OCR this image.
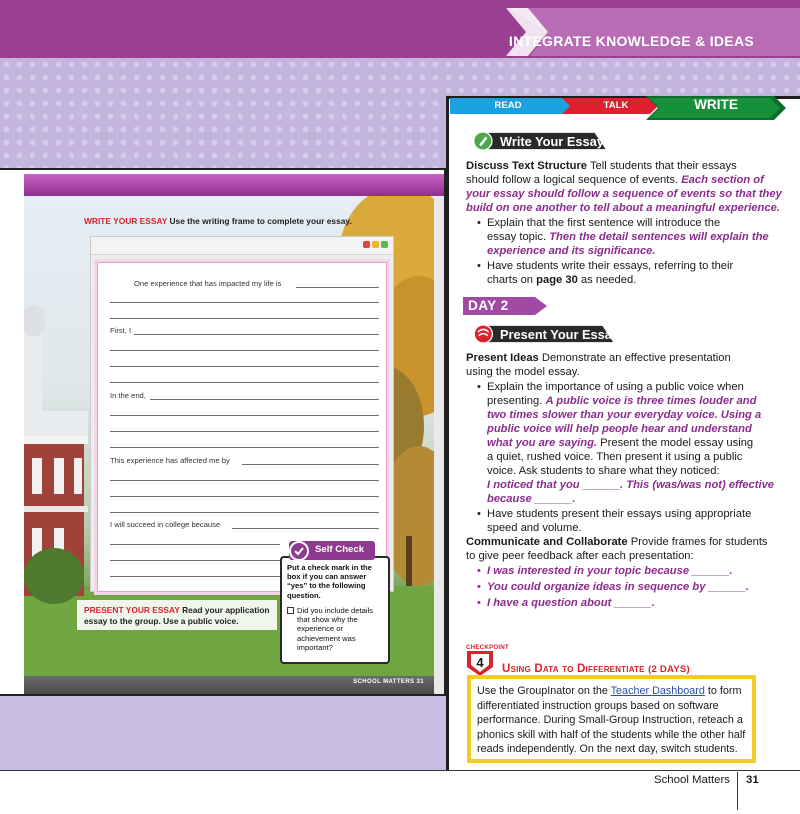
INTEGRATE KNOWLEDGE & IDEAS
SCHOOL MATTERS 31
WRITE YOUR ESSAY Use the writing frame to complete your essay.
One experience that has impacted my life is
First, I
In the end,
This experience has affected me by
I will succeed in college because
Self Check
Put a check mark in the box if you can answer “yes” to the following question.
Did you include details that show why the experience or achievement was important?
PRESENT YOUR ESSAY Read your application essay to the group. Use a public voice.
READ	TALK	WRITE
Write Your Essay
Discuss Text Structure Tell students that their essays
should follow a logical sequence of events. Each section of
your essay should follow a sequence of events so that they
build on one another to tell about a meaningful experience.
• Explain that the first sentence will introduce the
essay topic. Then the detail sentences will explain the
experience and its significance.
• Have students write their essays, referring to their
charts on page 30 as needed.
DAY 2
Present Your Essay
Present Ideas Demonstrate an effective presentation
using the model essay.
• Explain the importance of using a public voice when
presenting. A public voice is three times louder and
two times slower than your everyday voice. Using a
public voice will help people hear and understand
what you are saying. Present the model essay using
a quiet, rushed voice. Then present it using a public
voice. Ask students to share what they noticed:
I noticed that you ______. This (was/was not) effective
because ______.
• Have students present their essays using appropriate
speed and volume.
Communicate and Collaborate Provide frames for students
to give peer feedback after each presentation:
• I was interested in your topic because ______.
• You could organize ideas in sequence by ______.
• I have a question about ______.
CHECKPOINT
4	Using Data to Differentiate (2 DAYS)
Use the GroupInator on the Teacher Dashboard to form
differentiated instruction groups based on software
performance. During Small-Group Instruction, reteach a
phonics skill with half of the students while the other half
reads independently. On the next day, switch students.
School Matters 31
